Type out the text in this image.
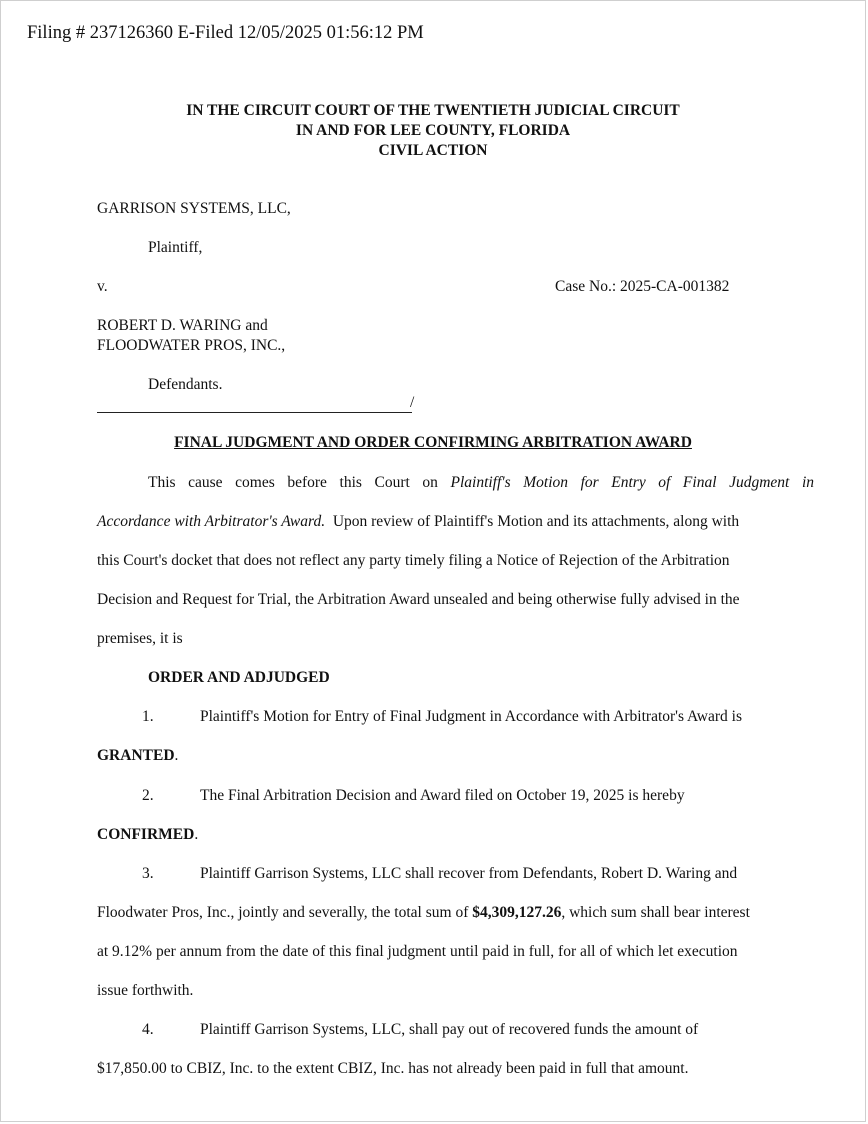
Filing # 237126360 E-Filed 12/05/2025 01:56:12 PM
IN THE CIRCUIT COURT OF THE TWENTIETH JUDICIAL CIRCUIT
IN AND FOR LEE COUNTY, FLORIDA
CIVIL ACTION
GARRISON SYSTEMS, LLC,
Plaintiff,
v.	Case No.: 2025-CA-001382
ROBERT D. WARING and
FLOODWATER PROS, INC.,
Defendants.
/
FINAL JUDGMENT AND ORDER CONFIRMING ARBITRATION AWARD
This cause comes before this Court on Plaintiff's Motion for Entry of Final Judgment in
Accordance with Arbitrator's Award. Upon review of Plaintiff's Motion and its attachments, along with
this Court's docket that does not reflect any party timely filing a Notice of Rejection of the Arbitration
Decision and Request for Trial, the Arbitration Award unsealed and being otherwise fully advised in the
premises, it is
ORDER AND ADJUDGED
1.	Plaintiff's Motion for Entry of Final Judgment in Accordance with Arbitrator's Award is
GRANTED.
2.	The Final Arbitration Decision and Award filed on October 19, 2025 is hereby
CONFIRMED.
3.	Plaintiff Garrison Systems, LLC shall recover from Defendants, Robert D. Waring and
Floodwater Pros, Inc., jointly and severally, the total sum of $4,309,127.26, which sum shall bear interest
at 9.12% per annum from the date of this final judgment until paid in full, for all of which let execution
issue forthwith.
4.	Plaintiff Garrison Systems, LLC, shall pay out of recovered funds the amount of
$17,850.00 to CBIZ, Inc. to the extent CBIZ, Inc. has not already been paid in full that amount.
